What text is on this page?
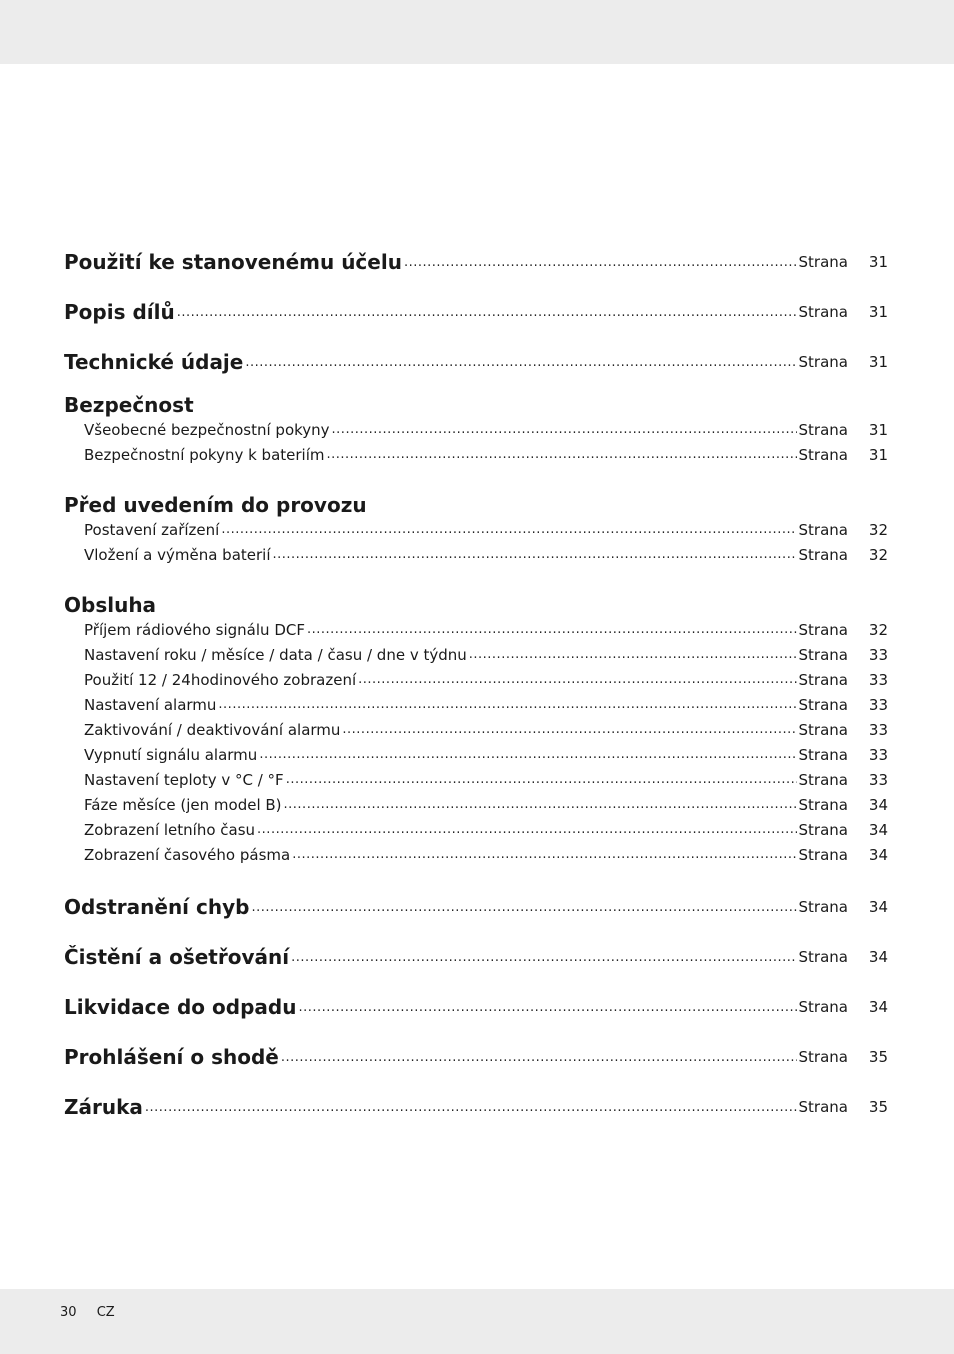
Použití ke stanovenému účelu .....	Strana	31
Popis dílů .....	Strana	31
Technické údaje .....	Strana	31
Bezpečnost
Všeobecné bezpečnostní pokyny .....	Strana	31
Bezpečnostní pokyny k bateriím .....	Strana	31
Před uvedením do provozu
Postavení zařízení .....	Strana	32
Vložení a výměna baterií .....	Strana	32
Obsluha
Příjem rádiového signálu DCF .....	Strana	32
Nastavení roku / měsíce / data / času / dne v týdnu .....	Strana	33
Použití 12 / 24hodinového zobrazení .....	Strana	33
Nastavení alarmu .....	Strana	33
Zaktivování / deaktivování alarmu .....	Strana	33
Vypnutí signálu alarmu .....	Strana	33
Nastavení teploty v °C / °F .....	Strana	33
Fáze měsíce (jen model B) .....	Strana	34
Zobrazení letního času .....	Strana	34
Zobrazení časového pásma .....	Strana	34
Odstranění chyb .....	Strana	34
Čistění a ošetřování .....	Strana	34
Likvidace do odpadu .....	Strana	34
Prohlášení o shodě .....	Strana	35
Záruka .....	Strana	35
30 CZ
